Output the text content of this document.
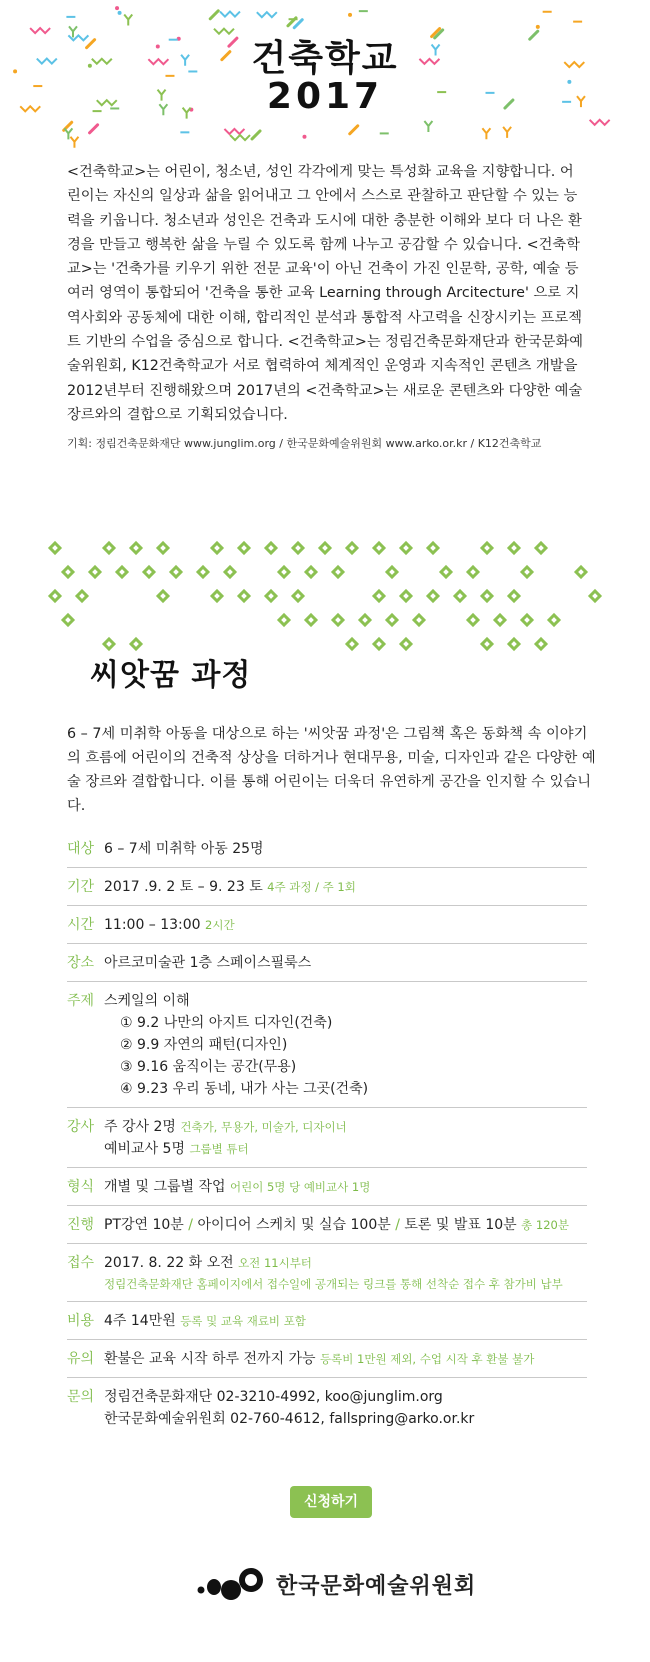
건축학교
2017

<건축학교>는 어린이, 청소년, 성인 각각에게 맞는 특성화 교육을 지향합니다. 어린이는 자신의 일상과 삶을 읽어내고 그 안에서 스스로 관찰하고 판단할 수 있는 능력을 키웁니다. 청소년과 성인은 건축과 도시에 대한 충분한 이해와 보다 더 나은 환경을 만들고 행복한 삶을 누릴 수 있도록 함께 나누고 공감할 수 있습니다. <건축학교>는 '건축가를 키우기 위한 전문 교육'이 아닌 건축이 가진 인문학, 공학, 예술 등 여러 영역이 통합되어 '건축을 통한 교육 Learning through Arcitecture' 으로 지역사회와 공동체에 대한 이해, 합리적인 분석과 통합적 사고력을 신장시키는 프로젝트 기반의 수업을 중심으로 합니다. <건축학교>는 정림건축문화재단과 한국문화예술위원회, K12건축학교가 서로 협력하여 체계적인 운영과 지속적인 콘텐츠 개발을 2012년부터 진행해왔으며 2017년의 <건축학교>는 새로운 콘텐츠와 다양한 예술 장르와의 결합으로 기획되었습니다.

기획: 정림건축문화재단 www.junglim.org / 한국문화예술위원회 www.arko.or.kr / K12건축학교
씨앗꿈 과정

6 – 7세 미취학 아동을 대상으로 하는 '씨앗꿈 과정'은 그림책 혹은 동화책 속 이야기의 흐름에 어린이의 건축적 상상을 더하거나 현대무용, 미술, 디자인과 같은 다양한 예술 장르와 결합합니다. 이를 통해 어린이는 더욱더 유연하게 공간을 인지할 수 있습니다.

대상 6 – 7세 미취학 아동 25명
기간 2017 .9. 2 토 – 9. 23 토 4주 과정 / 주 1회
시간 11:00 – 13:00 2시간
장소 아르코미술관 1층 스페이스필룩스
주제 스케일의 이해
① 9.2 나만의 아지트 디자인(건축)
② 9.9 자연의 패턴(디자인)
③ 9.16 움직이는 공간(무용)
④ 9.23 우리 동네, 내가 사는 그곳(건축)
강사 주 강사 2명 건축가, 무용가, 미술가, 디자이너
예비교사 5명 그룹별 튜터
형식 개별 및 그룹별 작업 어린이 5명 당 예비교사 1명
진행 PT강연 10분 / 아이디어 스케치 및 실습 100분 / 토론 및 발표 10분 총 120분
접수 2017. 8. 22 화 오전 오전 11시부터
정림건축문화재단 홈페이지에서 접수일에 공개되는 링크를 통해 선착순 접수 후 참가비 납부
비용 4주 14만원 등록 및 교육 재료비 포함
유의 환불은 교육 시작 하루 전까지 가능 등록비 1만원 제외, 수업 시작 후 환불 불가
문의 정림건축문화재단 02-3210-4992, koo@junglim.org
한국문화예술위원회 02-760-4612, fallspring@arko.or.kr
신청하기
한국문화예술위원회
